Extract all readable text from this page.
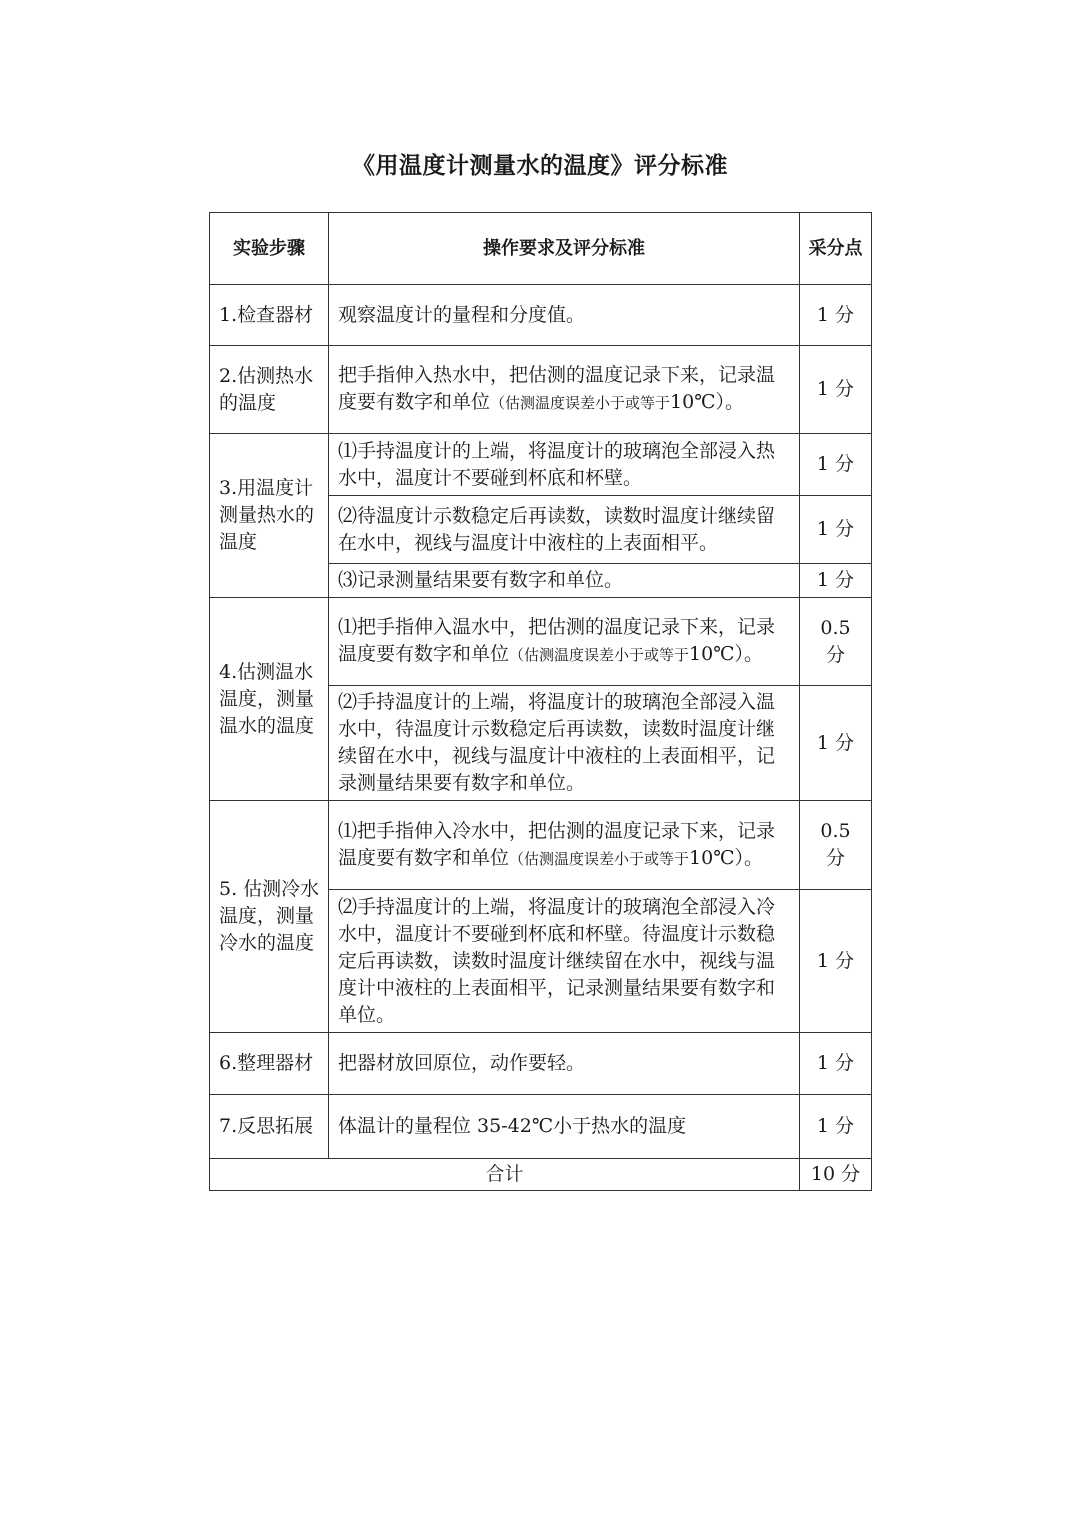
《用温度计测量水的温度》评分标准
实验步骤	操作要求及评分标准	采分点
1.检查器材	观察温度计的量程和分度值。	1 分
2.估测热水的温度	把手指伸入热水中，把估测的温度记录下来，记录温度要有数字和单位（估测温度误差小于或等于10℃）。	1 分
3.用温度计测量热水的温度	⑴手持温度计的上端，将温度计的玻璃泡全部浸入热水中，温度计不要碰到杯底和杯壁。	1 分
	⑵待温度计示数稳定后再读数，读数时温度计继续留在水中，视线与温度计中液柱的上表面相平。	1 分
	⑶记录测量结果要有数字和单位。	1 分
4.估测温水温度，测量温水的温度	⑴把手指伸入温水中，把估测的温度记录下来，记录温度要有数字和单位（估测温度误差小于或等于10℃）。	0.5 分
	⑵手持温度计的上端，将温度计的玻璃泡全部浸入温水中，待温度计示数稳定后再读数，读数时温度计继续留在水中，视线与温度计中液柱的上表面相平，记录测量结果要有数字和单位。	1 分
5. 估测冷水温度，测量冷水的温度	⑴把手指伸入冷水中，把估测的温度记录下来，记录温度要有数字和单位（估测温度误差小于或等于10℃）。	0.5 分
	⑵手持温度计的上端，将温度计的玻璃泡全部浸入冷水中，温度计不要碰到杯底和杯壁。待温度计示数稳定后再读数，读数时温度计继续留在水中，视线与温度计中液柱的上表面相平，记录测量结果要有数字和单位。	1 分
6.整理器材	把器材放回原位，动作要轻。	1 分
7.反思拓展	体温计的量程位 35-42℃小于热水的温度	1 分
合计		10 分
